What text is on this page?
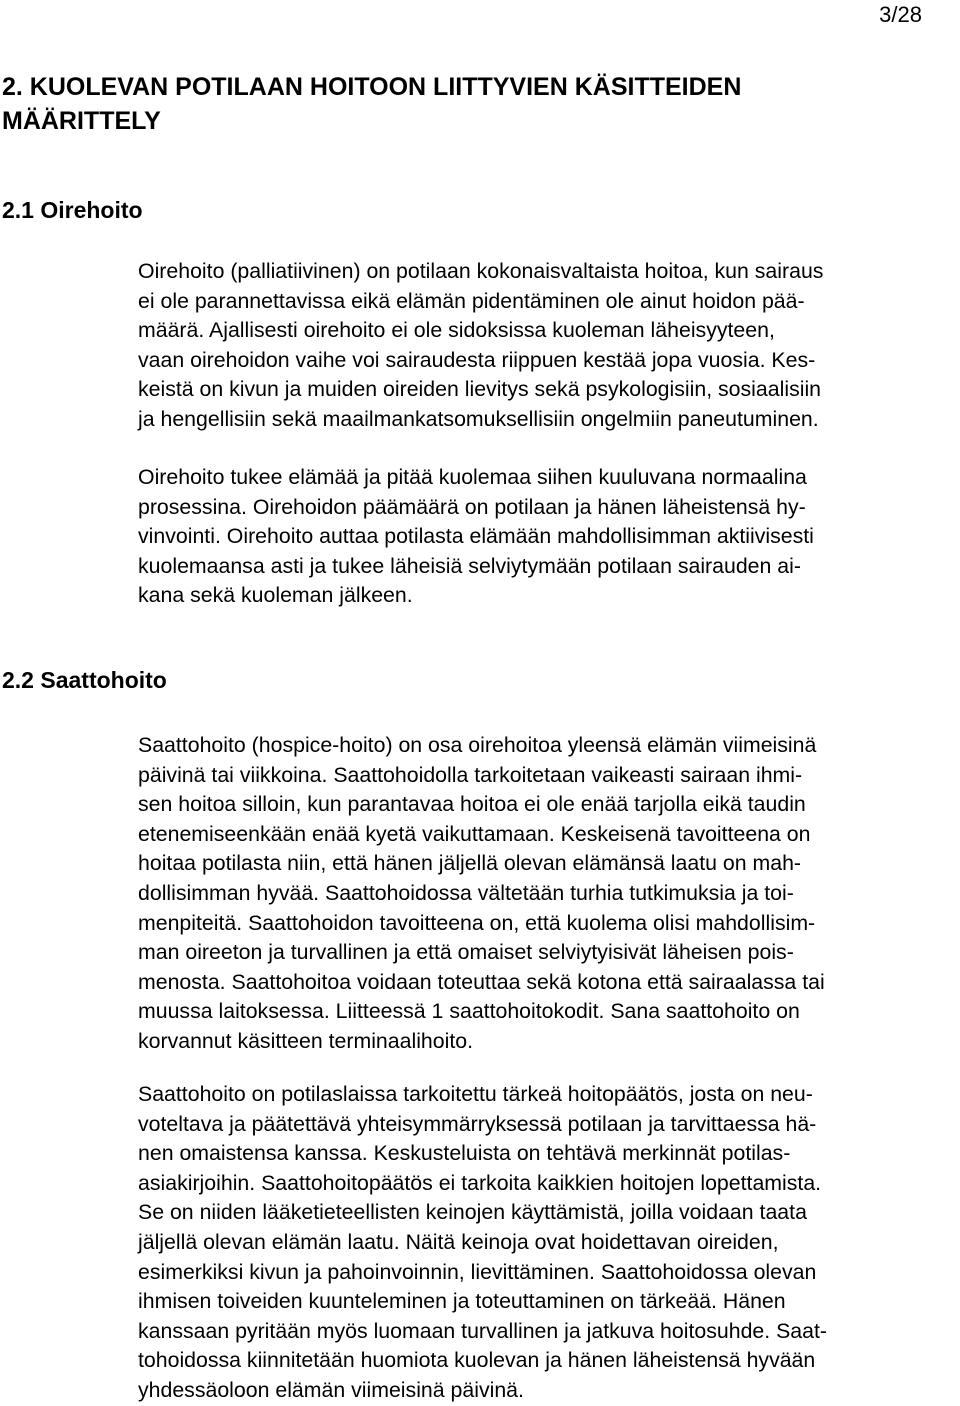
3/28
2. KUOLEVAN POTILAAN HOITOON LIITTYVIEN KÄSITTEIDEN
MÄÄRITTELY
2.1 Oirehoito

Oirehoito (palliatiivinen) on potilaan kokonaisvaltaista hoitoa, kun sairaus
ei ole parannettavissa eikä elämän pidentäminen ole ainut hoidon pää-
määrä. Ajallisesti oirehoito ei ole sidoksissa kuoleman läheisyyteen,
vaan oirehoidon vaihe voi sairaudesta riippuen kestää jopa vuosia. Kes-
keistä on kivun ja muiden oireiden lievitys sekä psykologisiin, sosiaalisiin
ja hengellisiin sekä maailmankatsomuksellisiin ongelmiin paneutuminen.

Oirehoito tukee elämää ja pitää kuolemaa siihen kuuluvana normaalina
prosessina. Oirehoidon päämäärä on potilaan ja hänen läheistensä hy-
vinvointi. Oirehoito auttaa potilasta elämään mahdollisimman aktiivisesti
kuolemaansa asti ja tukee läheisiä selviytymään potilaan sairauden ai-
kana sekä kuoleman jälkeen.

2.2 Saattohoito

Saattohoito (hospice-hoito) on osa oirehoitoa yleensä elämän viimeisinä
päivinä tai viikkoina. Saattohoidolla tarkoitetaan vaikeasti sairaan ihmi-
sen hoitoa silloin, kun parantavaa hoitoa ei ole enää tarjolla eikä taudin
etenemiseenkään enää kyetä vaikuttamaan. Keskeisenä tavoitteena on
hoitaa potilasta niin, että hänen jäljellä olevan elämänsä laatu on mah-
dollisimman hyvää. Saattohoidossa vältetään turhia tutkimuksia ja toi-
menpiteitä. Saattohoidon tavoitteena on, että kuolema olisi mahdollisim-
man oireeton ja turvallinen ja että omaiset selviytyisivät läheisen pois-
menosta. Saattohoitoa voidaan toteuttaa sekä kotona että sairaalassa tai
muussa laitoksessa. Liitteessä 1 saattohoitokodit. Sana saattohoito on
korvannut käsitteen terminaalihoito.

Saattohoito on potilaslaissa tarkoitettu tärkeä hoitopäätös, josta on neu-
voteltava ja päätettävä yhteisymmärryksessä potilaan ja tarvittaessa hä-
nen omaistensa kanssa. Keskusteluista on tehtävä merkinnät potilas-
asiakirjoihin. Saattohoitopäätös ei tarkoita kaikkien hoitojen lopettamista.
Se on niiden lääketieteellisten keinojen käyttämistä, joilla voidaan taata
jäljellä olevan elämän laatu. Näitä keinoja ovat hoidettavan oireiden,
esimerkiksi kivun ja pahoinvoinnin, lievittäminen. Saattohoidossa olevan
ihmisen toiveiden kuunteleminen ja toteuttaminen on tärkeää. Hänen
kanssaan pyritään myös luomaan turvallinen ja jatkuva hoitosuhde. Saat-
tohoidossa kiinnitetään huomiota kuolevan ja hänen läheistensä hyvään
yhdessäoloon elämän viimeisinä päivinä.
